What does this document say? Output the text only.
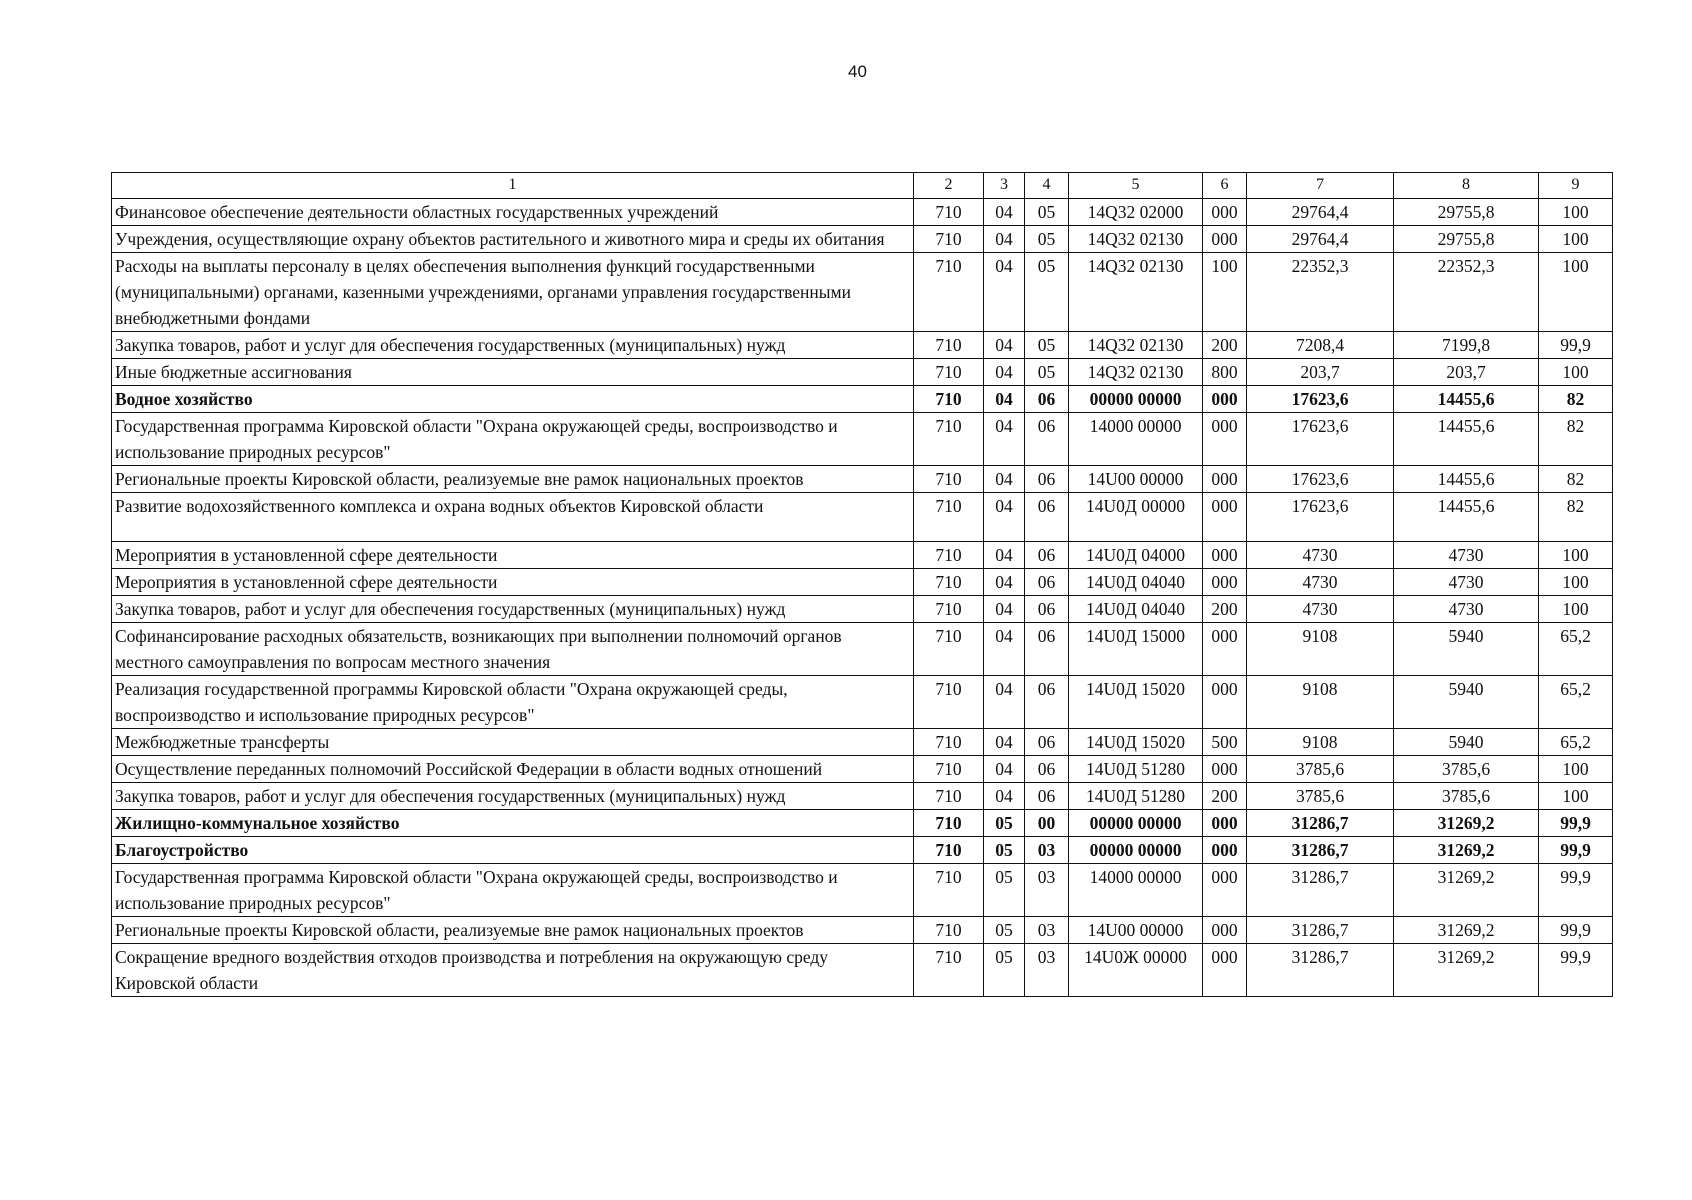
40
1	2	3	4	5	6	7	8	9
Финансовое обеспечение деятельности областных государственных учреждений	710	04	05	14Q32 02000	000	29764,4	29755,8	100
Учреждения, осуществляющие охрану объектов растительного и животного мира и среды их обитания	710	04	05	14Q32 02130	000	29764,4	29755,8	100
Расходы на выплаты персоналу в целях обеспечения выполнения функций государственными (муниципальными) органами, казенными учреждениями, органами управления государственными внебюджетными фондами	710	04	05	14Q32 02130	100	22352,3	22352,3	100
Закупка товаров, работ и услуг для обеспечения государственных (муниципальных) нужд	710	04	05	14Q32 02130	200	7208,4	7199,8	99,9
Иные бюджетные ассигнования	710	04	05	14Q32 02130	800	203,7	203,7	100
Водное хозяйство	710	04	06	00000 00000	000	17623,6	14455,6	82
Государственная программа Кировской области "Охрана окружающей среды, воспроизводство и использование природных ресурсов"	710	04	06	14000 00000	000	17623,6	14455,6	82
Региональные проекты Кировской области, реализуемые вне рамок национальных проектов	710	04	06	14U00 00000	000	17623,6	14455,6	82
Развитие водохозяйственного комплекса и охрана водных объектов Кировской области	710	04	06	14U0Д 00000	000	17623,6	14455,6	82
Мероприятия в установленной сфере деятельности	710	04	06	14U0Д 04000	000	4730	4730	100
Мероприятия в установленной сфере деятельности	710	04	06	14U0Д 04040	000	4730	4730	100
Закупка товаров, работ и услуг для обеспечения государственных (муниципальных) нужд	710	04	06	14U0Д 04040	200	4730	4730	100
Софинансирование расходных обязательств, возникающих при выполнении полномочий органов местного самоуправления по вопросам местного значения	710	04	06	14U0Д 15000	000	9108	5940	65,2
Реализация государственной программы Кировской области "Охрана окружающей среды, воспроизводство и использование природных ресурсов"	710	04	06	14U0Д 15020	000	9108	5940	65,2
Межбюджетные трансферты	710	04	06	14U0Д 15020	500	9108	5940	65,2
Осуществление переданных полномочий Российской Федерации в области водных отношений	710	04	06	14U0Д 51280	000	3785,6	3785,6	100
Закупка товаров, работ и услуг для обеспечения государственных (муниципальных) нужд	710	04	06	14U0Д 51280	200	3785,6	3785,6	100
Жилищно-коммунальное хозяйство	710	05	00	00000 00000	000	31286,7	31269,2	99,9
Благоустройство	710	05	03	00000 00000	000	31286,7	31269,2	99,9
Государственная программа Кировской области "Охрана окружающей среды, воспроизводство и использование природных ресурсов"	710	05	03	14000 00000	000	31286,7	31269,2	99,9
Региональные проекты Кировской области, реализуемые вне рамок национальных проектов	710	05	03	14U00 00000	000	31286,7	31269,2	99,9
Сокращение вредного воздействия отходов производства и потребления на окружающую среду Кировской области	710	05	03	14U0Ж 00000	000	31286,7	31269,2	99,9
